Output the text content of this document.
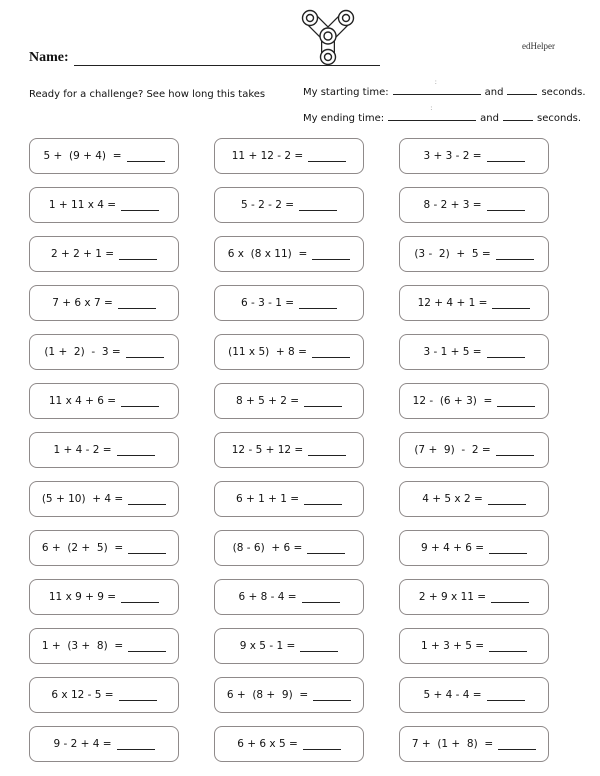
Name:
edHelper
Ready for a challenge? See how long this takes	My starting time: :	and	seconds.
My ending time: :	and	seconds.
5 +  (9 + 4)  =	11 + 12 - 2 =	3 + 3 - 2 =
1 + 11 x 4 =	5 - 2 - 2 =	8 - 2 + 3 =
2 + 2 + 1 =	6 x  (8 x 11)  =	(3 -  2)  +  5 =
7 + 6 x 7 =	6 - 3 - 1 =	12 + 4 + 1 =
(1 +  2)  -  3 =	(11 x 5)  + 8 =	3 - 1 + 5 =
11 x 4 + 6 =	8 + 5 + 2 =	12 -  (6 + 3)  =
1 + 4 - 2 =	12 - 5 + 12 =	(7 +  9)  -  2 =
(5 + 10)  + 4 =	6 + 1 + 1 =	4 + 5 x 2 =
6 +  (2 +  5)  =	(8 - 6)  + 6 =	9 + 4 + 6 =
11 x 9 + 9 =	6 + 8 - 4 =	2 + 9 x 11 =
1 +  (3 +  8)  =	9 x 5 - 1 =	1 + 3 + 5 =
6 x 12 - 5 =	6 +  (8 +  9)  =	5 + 4 - 4 =
9 - 2 + 4 =	6 + 6 x 5 =	7 +  (1 +  8)  =
